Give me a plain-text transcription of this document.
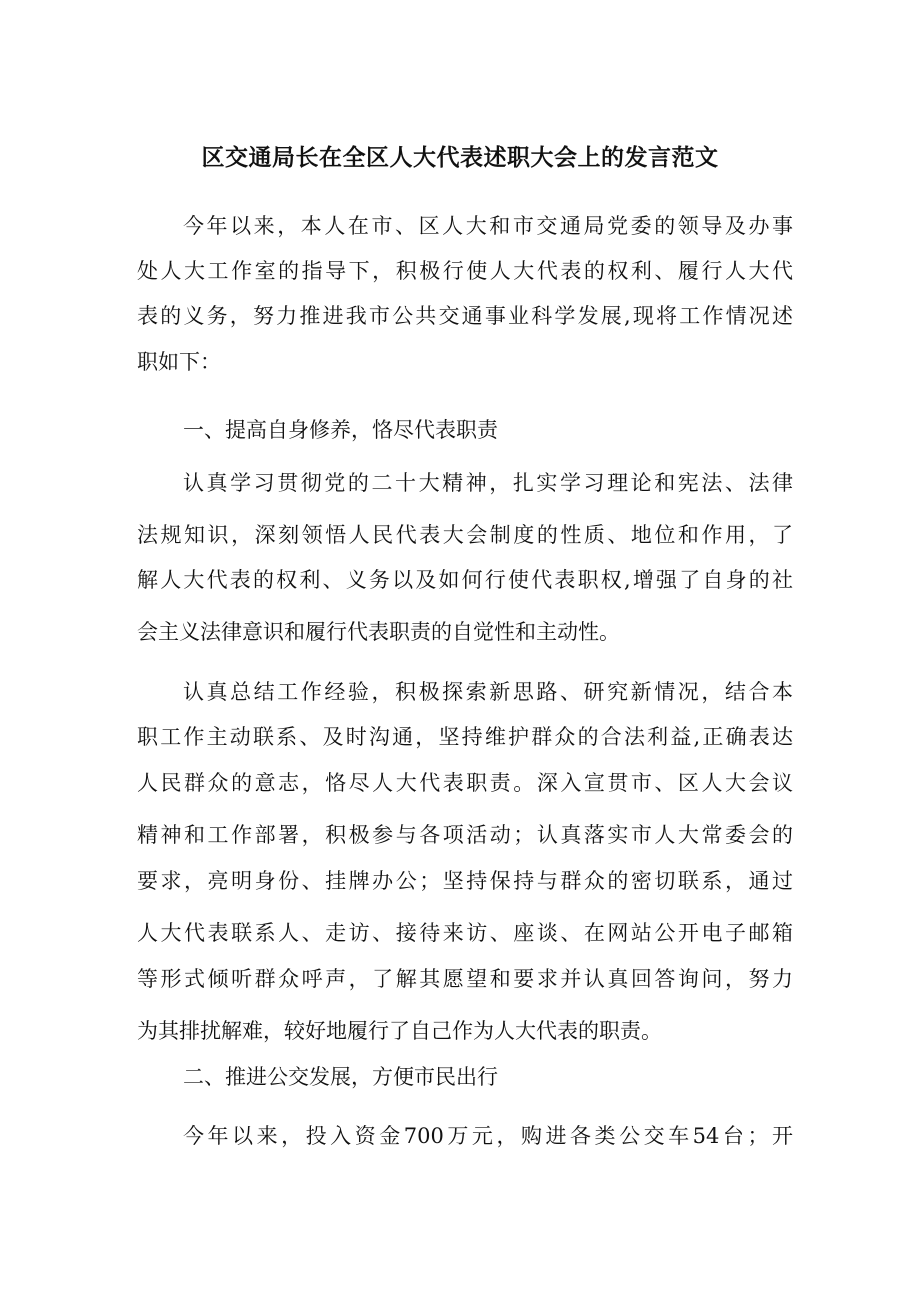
区交通局长在全区人大代表述职大会上的发言范文
今年以来，本人在市、区人大和市交通局党委的领导及办事
处人大工作室的指导下，积极行使人大代表的权利、履行人大代
表的义务，努力推进我市公共交通事业科学发展,现将工作情况述
职如下：
一、提高自身修养，恪尽代表职责
认真学习贯彻党的二十大精神，扎实学习理论和宪法、法律
法规知识，深刻领悟人民代表大会制度的性质、地位和作用，了
解人大代表的权利、义务以及如何行使代表职权,增强了自身的社
会主义法律意识和履行代表职责的自觉性和主动性。
认真总结工作经验，积极探索新思路、研究新情况，结合本
职工作主动联系、及时沟通，坚持维护群众的合法利益,正确表达
人民群众的意志，恪尽人大代表职责。深入宣贯市、区人大会议
精神和工作部署，积极参与各项活动；认真落实市人大常委会的
要求，亮明身份、挂牌办公；坚持保持与群众的密切联系，通过
人大代表联系人、走访、接待来访、座谈、在网站公开电子邮箱
等形式倾听群众呼声，了解其愿望和要求并认真回答询问，努力
为其排扰解难，较好地履行了自己作为人大代表的职责。
二、推进公交发展，方便市民出行
今年以来，投入资金700万元，购进各类公交车54台；开
